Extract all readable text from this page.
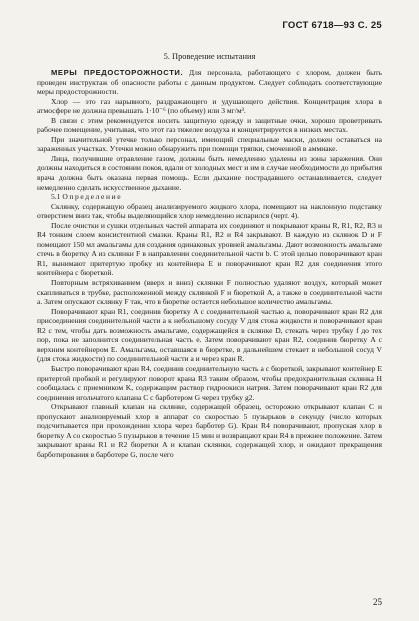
ГОСТ 6718—93 С. 25
5. Проведение испытания

МЕРЫ ПРЕДОСТОРОЖНОСТИ. Для персонала, работающего с хлором, должен быть проведен инструктаж об опасности работы с данным продуктом. Следует соблюдать соответствующие меры предосторожности.

Хлор — это газ нарывного, раздражающего и удушающего действия. Концентрация хлора в атмосфере не должна превышать 1·10⁻⁶ (по объему) или 3 мг/м³.

В связи с этим рекомендуется носить защитную одежду и защитные очки, хорошо проветривать рабочее помещение, учитывая, что этот газ тяжелее воздуха и концентрируется в низких местах.

При значительной утечке только персонал, имеющий специальные маски, должен оставаться на зараженных участках. Утечки можно обнаружить при помощи тряпки, смоченной в аммиаке.

Лица, получившие отравление газом, должны быть немедленно удалены из зоны заражения. Они должны находиться в состоянии покоя, вдали от холодных мест и им в случае необходимости до прибытия врача должна быть оказана первая помощь. Если дыхание пострадавшего останавливается, следует немедленно сделать искусственное дыхание.

5.1 Определение

Склянку, содержащую образец анализируемого жидкого хлора, помещают на наклонную подставку отверстием вниз так, чтобы выделяющийся хлор немедленно испарился (черт. 4).

После очистки и сушки отдельных частей аппарата их соединяют и покрывают краны R, R1, R2, R3 и R4 тонким слоем консистентной смазки. Краны R1, R2 и R4 закрывают. В каждую из склянок D и F помещают 150 мл амальгамы для создания одинаковых уровней амальгамы. Дают возможность амальгаме стечь в бюретку A из склянки F в направлении соединительной части b. С этой целью поворачивают кран R1, вынимают притертую пробку из контейнера E и поворачивают кран R2 для соединения этого контейнера с бюреткой.

Повторным встряхиванием (вверх и вниз) склянки F полностью удаляют воздух, который может скапливаться в трубке, расположенной между склянкой F и бюреткой A, а также в соединительной части a. Затем опускают склянку F так, что в бюретке остается небольшое количество амальгамы.

Поворачивают кран R1, соединив бюретку A с соединительной частью a, поворачивают кран R2 для присоединения соединительной части a к небольшому сосуду V для стока жидкости и поворачивают кран R2 с тем, чтобы дать возможность амальгаме, содержащейся в склянке D, стекать через трубку f до тех пор, пока не заполнится соединительная часть e. Затем поворачивают кран R2, соединив бюретку A с верхним контейнером E. Амальгама, оставшаяся в бюретке, в дальнейшем стекает в небольшой сосуд V (для стока жидкости) по соединительной части a и через кран R.

Быстро поворачивают кран R4, соединив соединительную часть a с бюреткой, закрывают контейнер E притертой пробкой и регулируют поворот крана R3 таким образом, чтобы предохранительная склянка H сообщалась с приемником K, содержащим раствор гидроокиси натрия. Затем поворачивают кран R2 для соединения игольчатого клапана C с барботером G через трубку g2.

Открывают главный клапан на склянке, содержащей образец, осторожно открывают клапан C и пропускают анализируемый хлор в аппарат со скоростью 5 пузырьков в секунду (число которых подсчитывается при прохождении хлора через барботер G). Кран R4 поворачивают, пропуская хлор в бюретку A со скоростью 5 пузырьков в течение 15 мин и возвращают кран R4 в прежнее положение. Затем закрывают краны R1 и R2 бюретки A и клапан склянки, содержащей хлор, и ожидают прекращения барботирования в барботере G, после чего

25
